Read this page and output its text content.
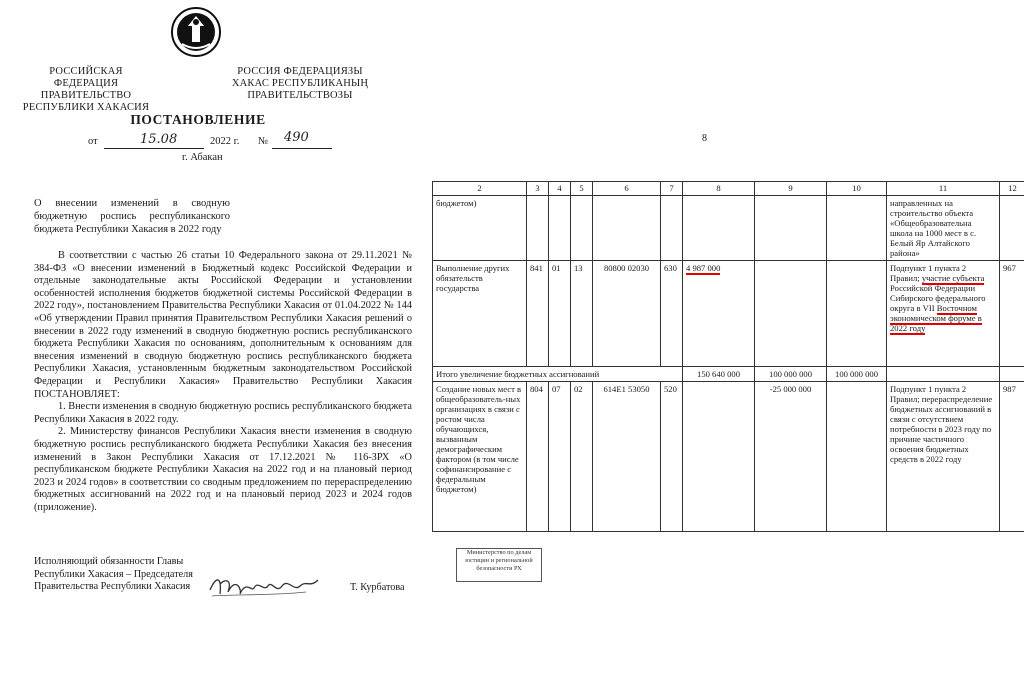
РОССИЙСКАЯ ФЕДЕРАЦИЯ
ПРАВИТЕЛЬСТВО
РЕСПУБЛИКИ ХАКАСИЯ
РОССИЯ ФЕДЕРАЦИЯЗЫ
ХАКАС РЕСПУБЛИКАНЫҢ
ПРАВИТЕЛЬСТВОЗЫ
ПОСТАНОВЛЕНИЕ
от	15.08	2022 г. № 490
г. Абакан
О внесении изменений в сводную бюджетную роспись республиканского бюджета Республики Хакасия в 2022 году

В соответствии с частью 26 статьи 10 Федерального закона от 29.11.2021 № 384-ФЗ «О внесении изменений в Бюджетный кодекс Российской Федерации и отдельные законодательные акты Российской Федерации и установлении особенностей исполнения бюджетов бюджетной системы Российской Федерации в 2022 году», постановлением Правительства Республики Хакасия от 01.04.2022 № 144 «Об утверждении Правил принятия Правительством Республики Хакасия решений о внесении в 2022 году изменений в сводную бюджетную роспись республиканского бюджета Республики Хакасия по основаниям, дополнительным к основаниям для внесения изменений в сводную бюджетную роспись республиканского бюджета Республики Хакасия, установленным бюджетным законодательством Российской Федерации и Республики Хакасия» Правительство Республики Хакасия ПОСТАНОВЛЯЕТ:

1. Внести изменения в сводную бюджетную роспись республиканского бюджета Республики Хакасия в 2022 году.

2. Министерству финансов Республики Хакасия внести изменения в сводную бюджетную роспись республиканского бюджета Республики Хакасия без внесения изменений в Закон Республики Хакасия от 17.12.2021 № 116-ЗРХ «О республиканском бюджете Республики Хакасия на 2022 год и на плановый период 2023 и 2024 годов» в соответствии со сводным предложением по перераспределению бюджетных ассигнований на 2022 год и на плановый период 2023 и 2024 годов (приложение).

Исполняющий обязанности Главы
Республики Хакасия – Председателя
Правительства Республики Хакасия	Т. Курбатова
8
2	3	4	5	6	7	8	9	10	11	12
бюджетом)									направленных на строительство объекта «Общеобразовательна школа на 1000 мест в с. Белый Яр Алтайского района»	
Выполнение других обязательств государства	841	01	13	80800 02030	630	4 987 000			Подпункт 1 пункта 2 Правил; участие субъекта Российской Федерации Сибирского федерального округа в VII Восточном экономическом форуме в 2022 году	967
Итого увеличение бюджетных ассигнований						150 640 000	100 000 000	100 000 000		
Создание новых мест в общеобразователь-ных организациях в связи с ростом числа обучающихся, вызванным демографическим фактором (в том числе софинансирование с федеральным бюджетом)	804	07	02	614E1 53050	520		-25 000 000		Подпункт 1 пункта 2 Правил; перераспределение бюджетных ассигнований в связи с отсутствием потребности в 2023 году по причине частичного освоения бюджетных средств в 2022 году	987
Министерство по делам юстиции и региональной безопасности РХ
